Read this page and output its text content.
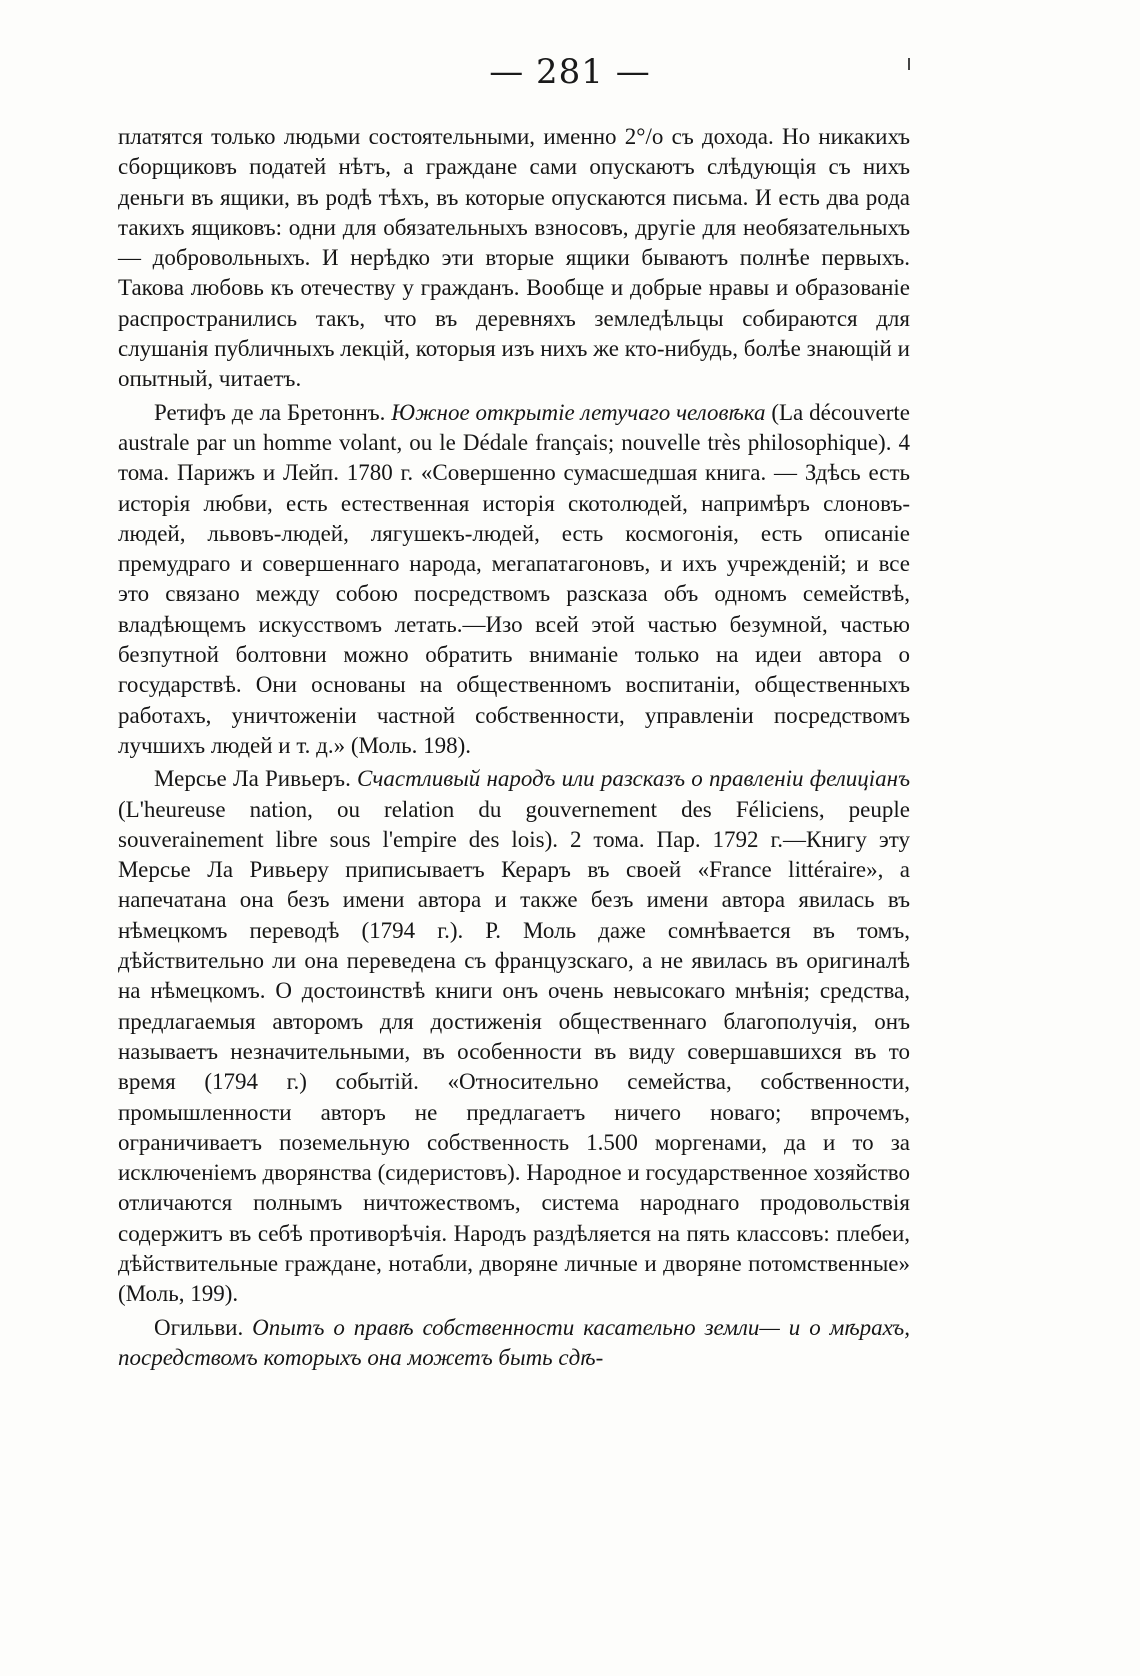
— 281 —

платятся только людьми состоятельными, именно 2°/o съ дохода. Но никакихъ сборщиковъ податей нѣтъ, а граждане сами опускаютъ слѣдующія съ нихъ деньги въ ящики, въ родѣ тѣхъ, въ которые опускаются письма. И есть два рода такихъ ящиковъ: одни для обязательныхъ взносовъ, другіе для необязательныхъ — добровольныхъ. И нерѣдко эти вторые ящики бываютъ полнѣе первыхъ. Такова любовь къ отечеству у гражданъ. Вообще и добрые нравы и образованіе распространились такъ, что въ деревняхъ земледѣльцы собираются для слушанія публичныхъ лекцій, которыя изъ нихъ же кто-нибудь, болѣе знающій и опытный, читаетъ.

Ретифъ де ла Бретоннъ. Южное открытіе летучаго человѣка (La découverte australe par un homme volant, ou le Dédale français; nouvelle très philosophique). 4 тома. Парижъ и Лейп. 1780 г. «Совершенно сумасшедшая книга. — Здѣсь есть исторія любви, есть естественная исторія скотолюдей, напримѣръ слоновъ-людей, львовъ-людей, лягушекъ-людей, есть космогонія, есть описаніе премудраго и совершеннаго народа, мегапатагоновъ, и ихъ учрежденій; и все это связано между собою посредствомъ разсказа объ одномъ семействѣ, владѣющемъ искусствомъ летать.—Изо всей этой частью безумной, частью безпутной болтовни можно обратить вниманіе только на идеи автора о государствѣ. Они основаны на общественномъ воспитаніи, общественныхъ работахъ, уничтоженіи частной собственности, управленіи посредствомъ лучшихъ людей и т. д.» (Моль. 198).

Мерсье Ла Ривьеръ. Счастливый народъ или разсказъ о правленіи фелиціанъ (L'heureuse nation, ou relation du gouvernement des Féliciens, peuple souverainement libre sous l'empire des lois). 2 тома. Пар. 1792 г.—Книгу эту Мерсье Ла Ривьеру приписываетъ Кераръ въ своей «France littéraire», а напечатана она безъ имени автора и также безъ имени автора явилась въ нѣмецкомъ переводѣ (1794 г.). Р. Моль даже сомнѣвается въ томъ, дѣйствительно ли она переведена съ французскаго, а не явилась въ оригиналѣ на нѣмецкомъ. О достоинствѣ книги онъ очень невысокаго мнѣнія; средства, предлагаемыя авторомъ для достиженія общественнаго благополучія, онъ называетъ незначительными, въ особенности въ виду совершавшихся въ то время (1794 г.) событій. «Относительно семейства, собственности, промышленности авторъ не предлагаетъ ничего новаго; впрочемъ, ограничиваетъ поземельную собственность 1.500 моргенами, да и то за исключеніемъ дворянства (сидеристовъ). Народное и государственное хозяйство отличаются полнымъ ничтожествомъ, система народнаго продовольствія содержитъ въ себѣ противорѣчія. Народъ раздѣляется на пять классовъ: плебеи, дѣйствительные граждане, нотабли, дворяне личные и дворяне потомственные» (Моль, 199).

Огильви. Опытъ о правѣ собственности касательно земли— и о мѣрахъ, посредствомъ которыхъ она можетъ быть сдѣ-
